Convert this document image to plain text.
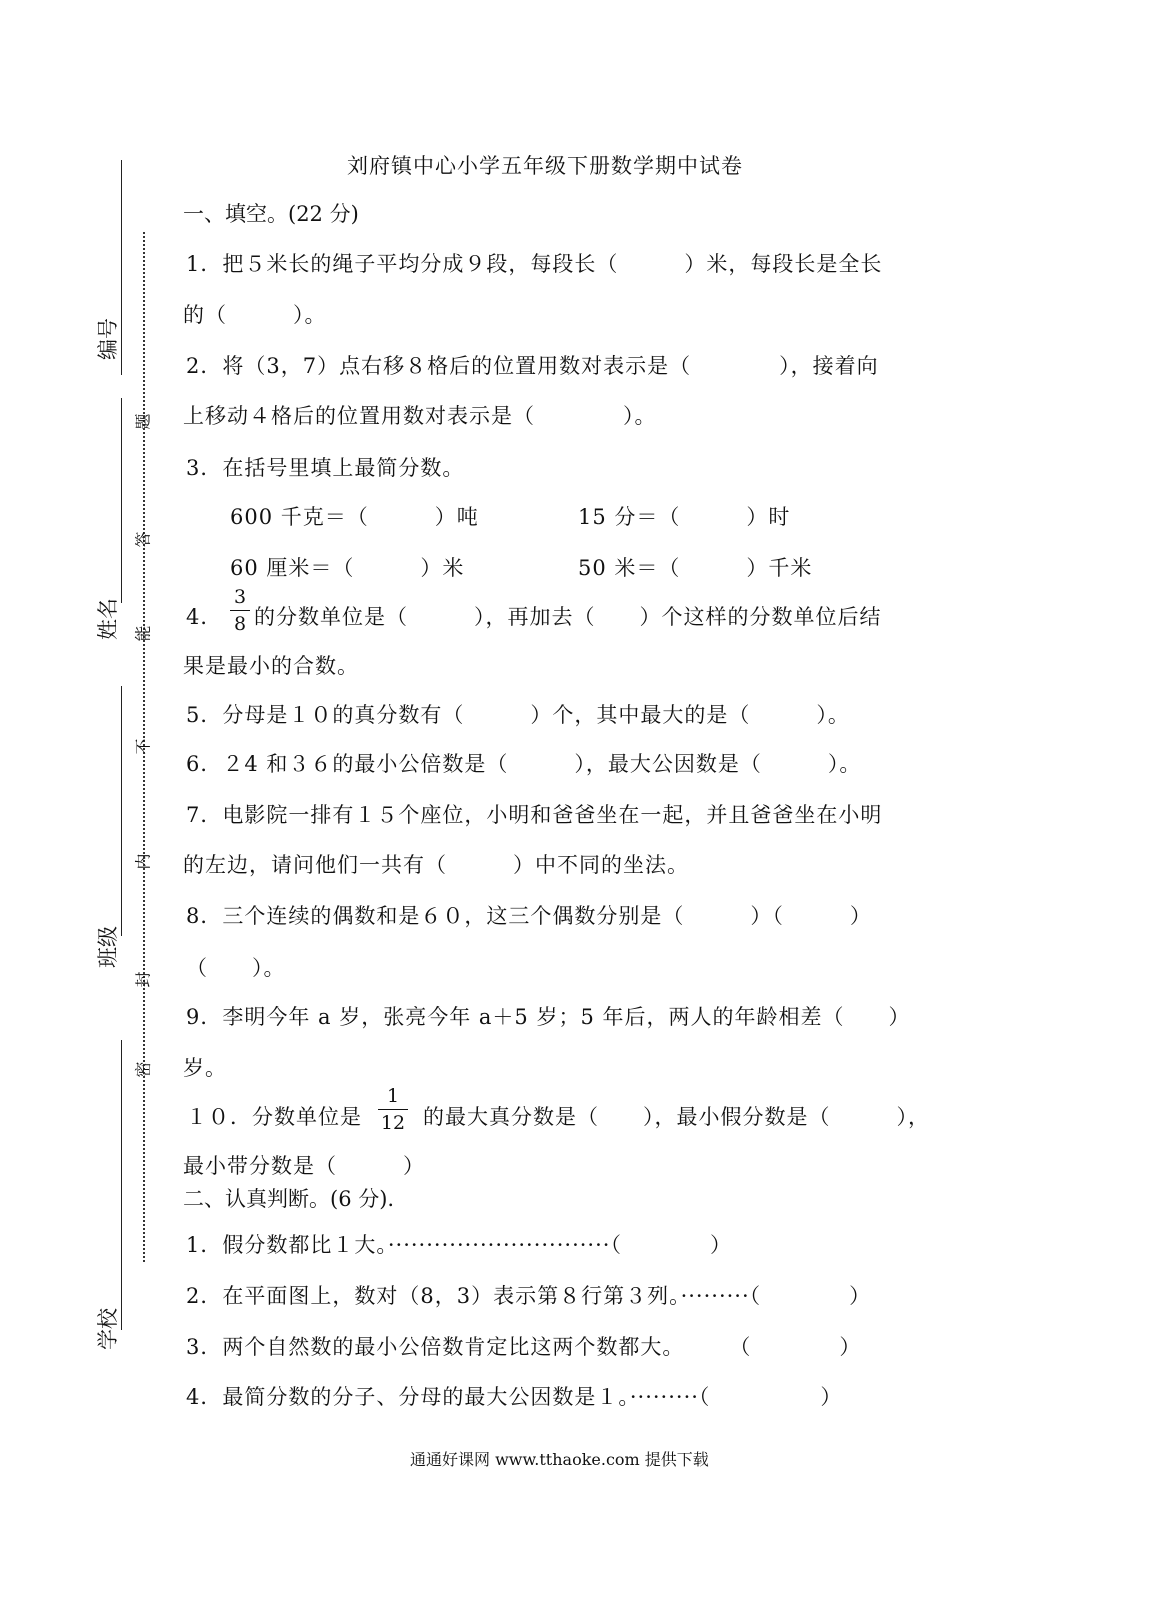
编号
姓名
班级
学校
题
答
能
不
内
封
密
刘府镇中心小学五年级下册数学期中试卷
一、填空。(22 分)
1．把５米长的绳子平均分成９段，每段长（　　　）米，每段长是全长
的（　　　）。
2．将（3，7）点右移８格后的位置用数对表示是（　　　　），接着向
上移动４格后的位置用数对表示是（　　　　）。
3．在括号里填上最简分数。
600 千克＝（　　　）吨	15 分＝（　　　）时
60 厘米＝（　　　）米	50 米＝（　　　）千米
4．
3
8 的分数单位是（　　　），再加去（　　）个这样的分数单位后结
果是最小的合数。
5．分母是１０的真分数有（　　　）个，其中最大的是（　　　）。
6．２4 和３６的最小公倍数是（　　　），最大公因数是（　　　）。
7．电影院一排有１５个座位，小明和爸爸坐在一起，并且爸爸坐在小明
的左边，请问他们一共有（　　　）中不同的坐法。
8．三个连续的偶数和是６０，这三个偶数分别是（　　　）（　　　）
（　　）。
9．李明今年 a 岁，张亮今年 a＋5 岁；5 年后，两人的年龄相差（　　）
岁。
１０．分数单位是
1
12 的最大真分数是（　　），最小假分数是（　　　），
最小带分数是（　　　）
二、认真判断。(6 分).
1．假分数都比１大。·····························（　　　　）
2．在平面图上，数对（8，3）表示第８行第３列。·········（　　　　）
3．两个自然数的最小公倍数肯定比这两个数都大。　　　（　　　　）
4．最简分数的分子、分母的最大公因数是１。·········（　　　　　）
通通好课网 www.tthaoke.com 提供下载
